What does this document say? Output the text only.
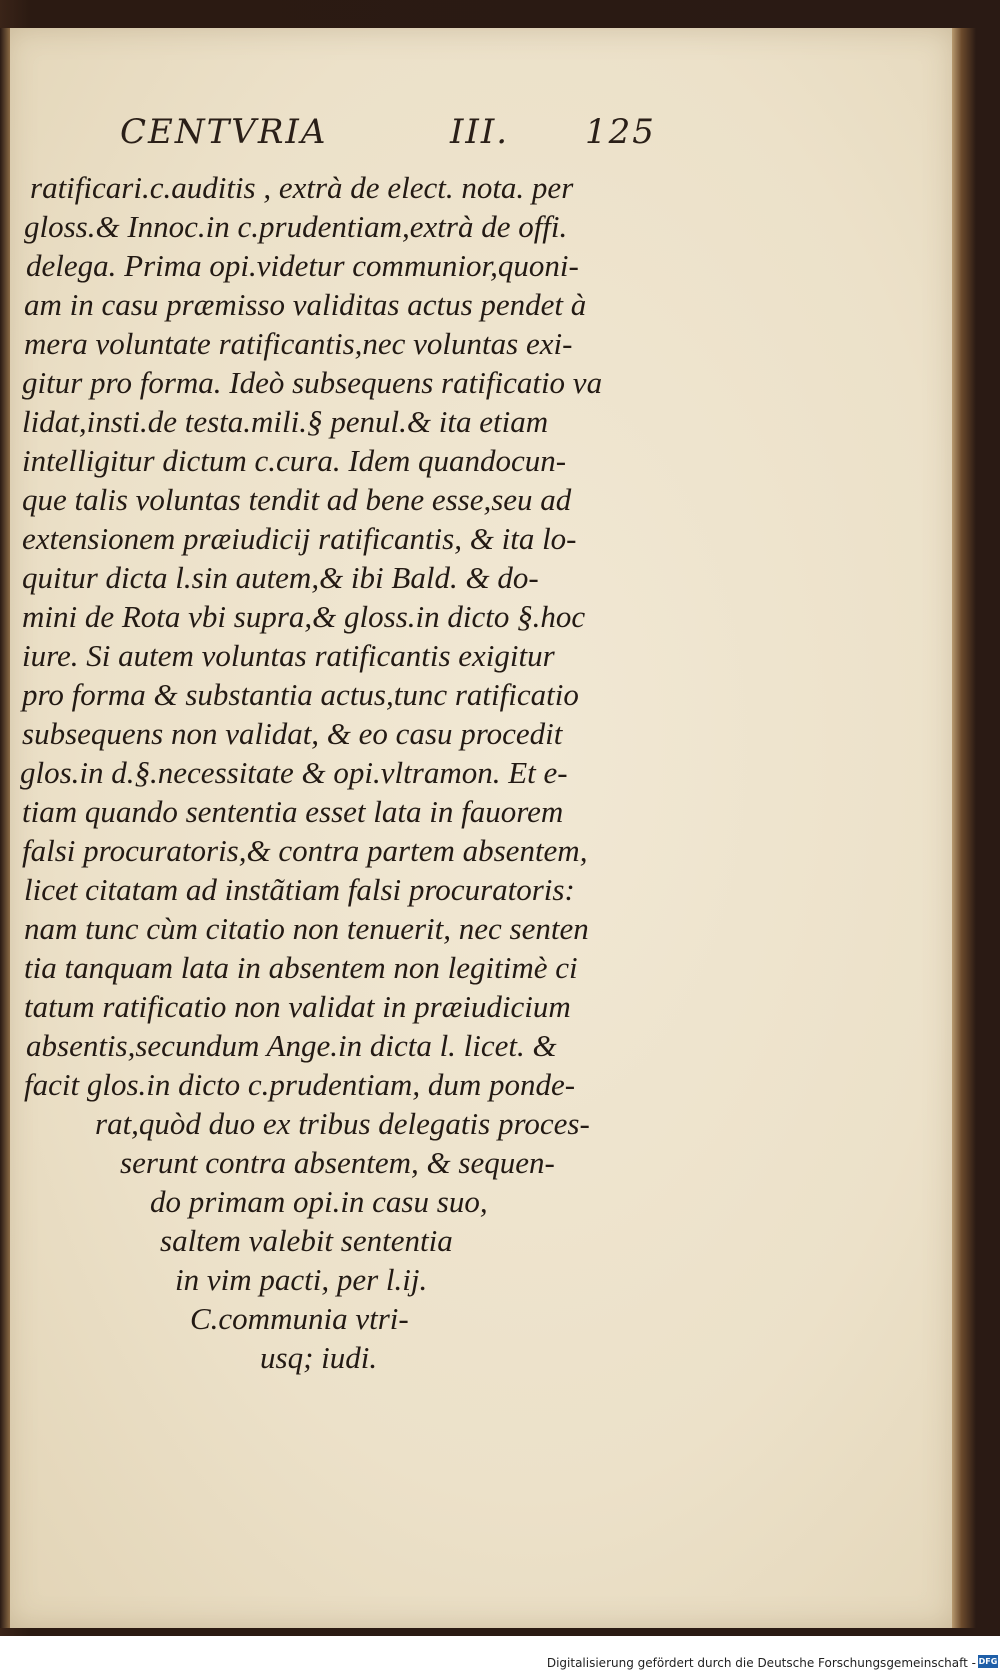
CENTVRIA	III. 125
ratificari.c.auditis , extrà de elect. nota. per
gloss.& Innoc.in c.prudentiam,extrà de offi.
delega. Prima opi.videtur communior,quoni-
am in casu præmisso validitas actus pendet à
mera voluntate ratificantis,nec voluntas exi-
gitur pro forma. Ideò subsequens ratificatio va
lidat,insti.de testa.mili.§ penul.& ita etiam
intelligitur dictum c.cura. Idem quandocun-
que talis voluntas tendit ad bene esse,seu ad
extensionem præiudicij ratificantis, & ita lo-
quitur dicta l.sin autem,& ibi Bald. & do-
mini de Rota vbi supra,& gloss.in dicto §.hoc
iure. Si autem voluntas ratificantis exigitur
pro forma & substantia actus,tunc ratificatio
subsequens non validat, & eo casu procedit
glos.in d.§.necessitate & opi.vltramon. Et e-
tiam quando sententia esset lata in fauorem
falsi procuratoris,& contra partem absentem,
licet citatam ad instãtiam falsi procuratoris:
nam tunc cùm citatio non tenuerit, nec senten
tia tanquam lata in absentem non legitimè ci
tatum ratificatio non validat in præiudicium
absentis,secundum Ange.in dicta l. licet. &
facit glos.in dicto c.prudentiam, dum ponde-
rat,quòd duo ex tribus delegatis proces-
serunt contra absentem, & sequen-
do primam opi.in casu suo,
saltem valebit sententia
in vim pacti, per l.ij.
C.communia vtri-
usq; iudi.
Digitalisierung gefördert durch die Deutsche Forschungsgemeinschaft - DFG
